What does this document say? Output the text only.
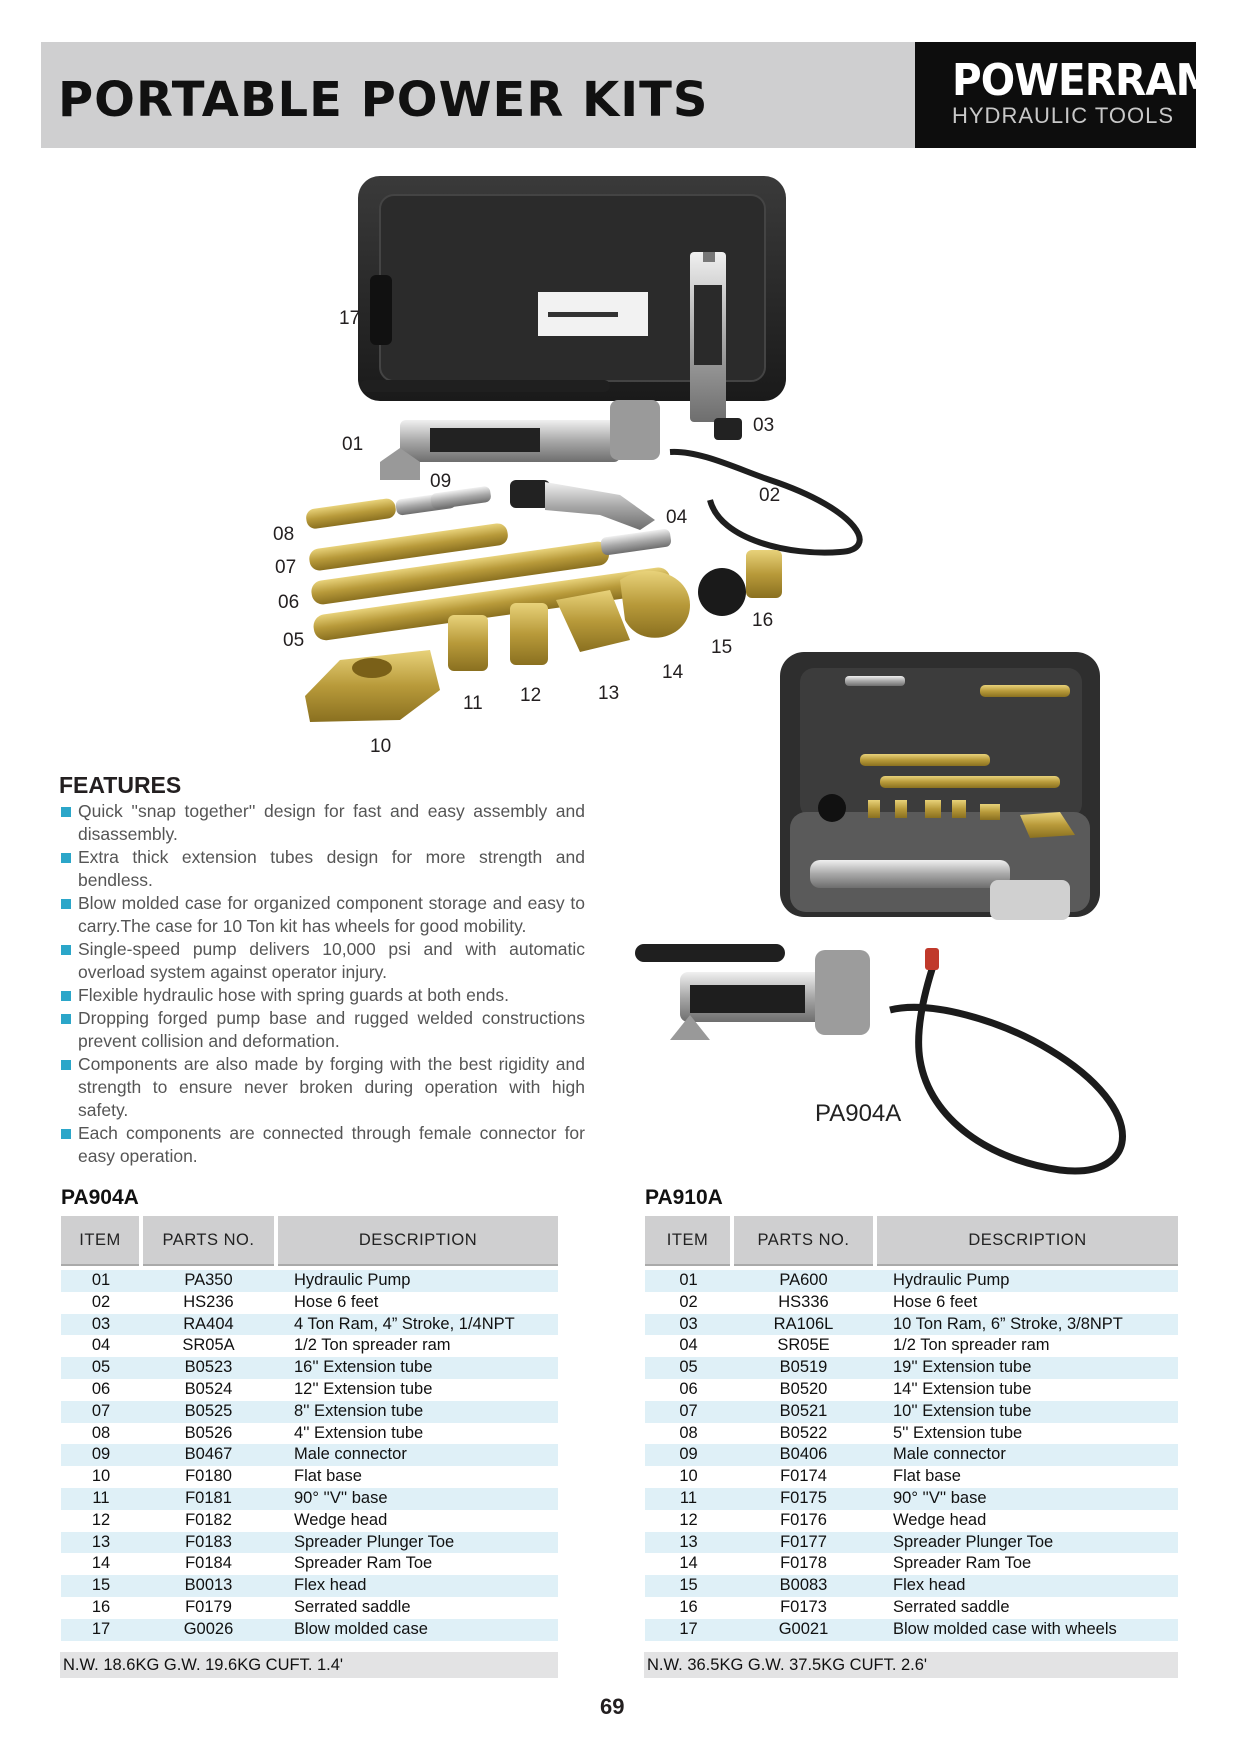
PORTABLE POWER KITS	POWERRAM
HYDRAULIC TOOLS
17
01
09
03
02
04
08
07
06
05
16
15
14
13
12
11
10
FEATURES
Quick ''snap together'' design for fast and easy assembly and disassembly.
Extra thick extension tubes design for more strength and bendless.
Blow molded case for organized component storage and easy to carry.The case for 10 Ton kit has wheels for good mobility.
Single-speed pump delivers 10,000 psi and with automatic overload system against operator injury.
Flexible hydraulic hose with spring guards at both ends.
Dropping forged pump base and rugged welded constructions prevent collision and deformation.
Components are also made by forging with the best rigidity and strength to ensure never broken during operation with high safety.
Each components are connected through female connector for easy operation.
PA904A
PA904A	PA910A
ITEM	PARTS NO.	DESCRIPTION

01	PA350	Hydraulic Pump
02	HS236	Hose 6 feet
03	RA404	4 Ton Ram, 4” Stroke, 1/4NPT
04	SR05A	1/2 Ton spreader ram
05	B0523	16'' Extension tube
06	B0524	12'' Extension tube
07	B0525	8'' Extension tube
08	B0526	4'' Extension tube
09	B0467	Male connector
10	F0180	Flat base
11	F0181	90° ''V'' base
12	F0182	Wedge head
13	F0183	Spreader Plunger Toe
14	F0184	Spreader Ram Toe
15	B0013	Flex head
16	F0179	Serrated saddle
17	G0026	Blow molded case
ITEM	PARTS NO.	DESCRIPTION

01	PA600	Hydraulic Pump
02	HS336	Hose 6 feet
03	RA106L	10 Ton Ram, 6” Stroke, 3/8NPT
04	SR05E	1/2 Ton spreader ram
05	B0519	19'' Extension tube
06	B0520	14'' Extension tube
07	B0521	10'' Extension tube
08	B0522	5'' Extension tube
09	B0406	Male connector
10	F0174	Flat base
11	F0175	90° ''V'' base
12	F0176	Wedge head
13	F0177	Spreader Plunger Toe
14	F0178	Spreader Ram Toe
15	B0083	Flex head
16	F0173	Serrated saddle
17	G0021	Blow molded case with wheels
N.W. 18.6KG G.W. 19.6KG CUFT. 1.4'	N.W. 36.5KG G.W. 37.5KG CUFT. 2.6'
69
